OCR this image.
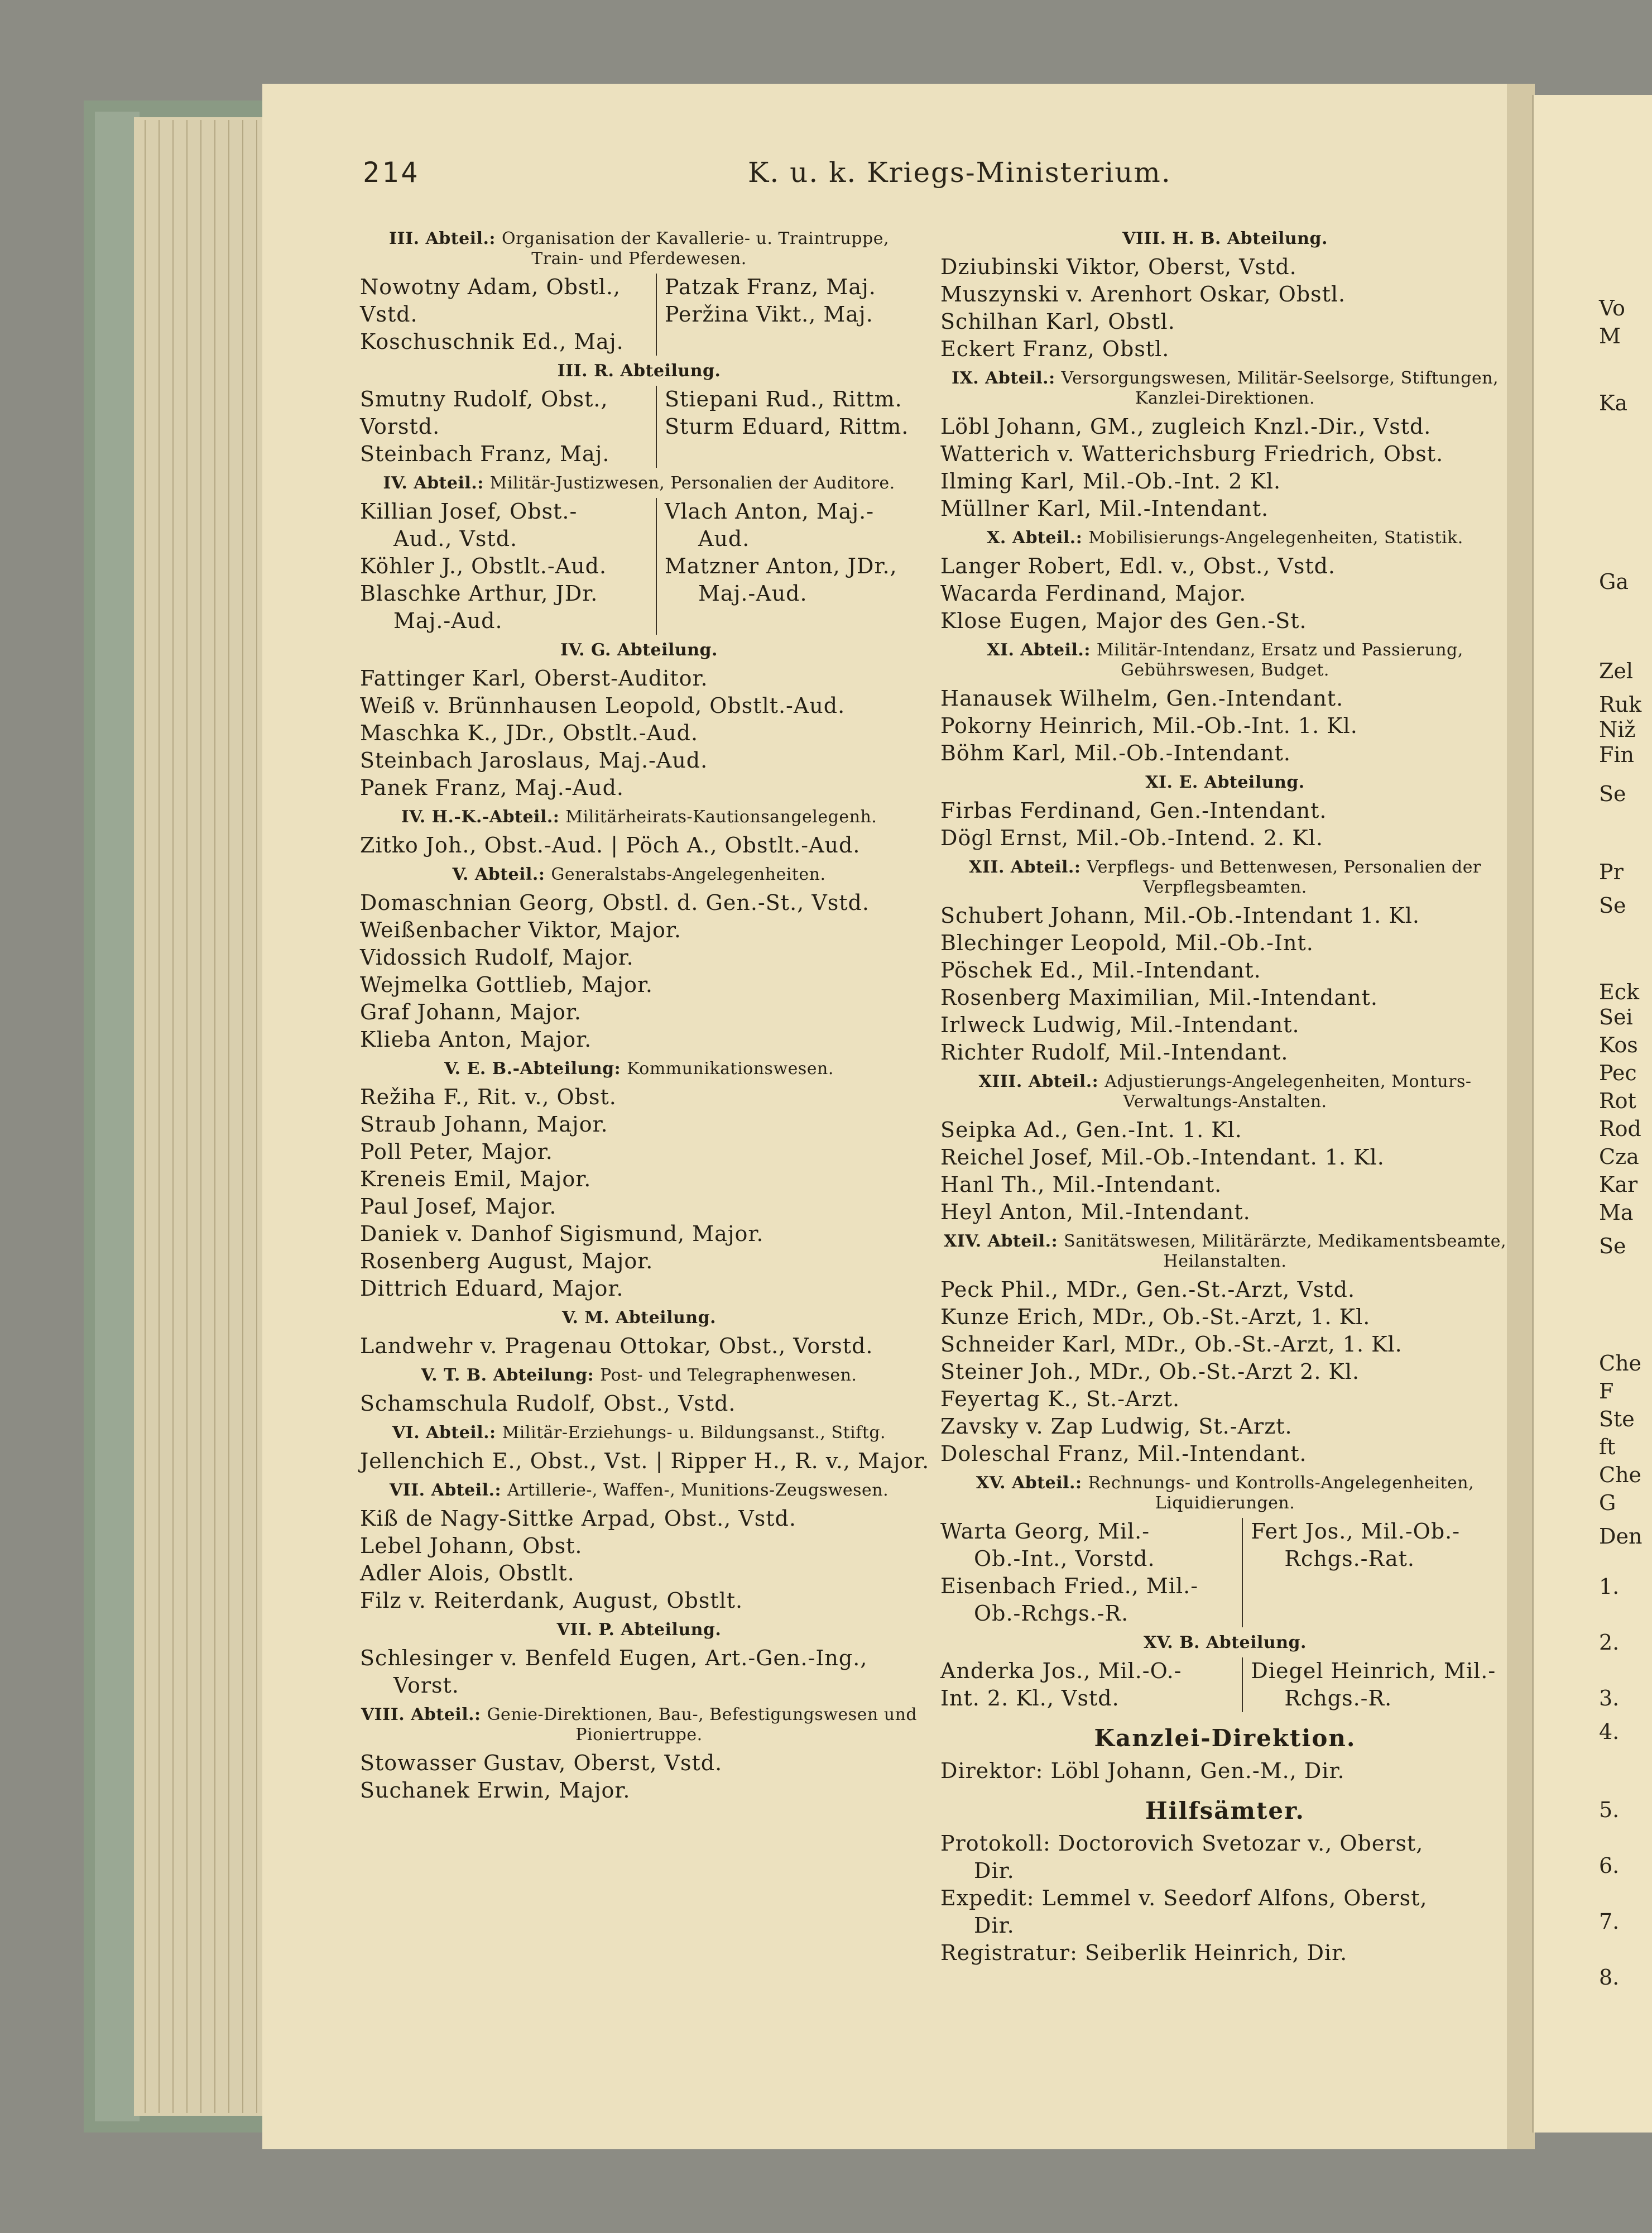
214	K. u. k. Kriegs-Ministerium.
III. Abteil.: Organisation der Kavallerie- u. Traintruppe, Train- und Pferdewesen.
Nowotny Adam, Obstl.,
Vstd.
Koschuschnik Ed., Maj.
Patzak Franz, Maj.
Peržina Vikt., Maj.
III. R. Abteilung.
Smutny Rudolf, Obst.,
Vorstd.
Steinbach Franz, Maj.
Stiepani Rud., Rittm.
Sturm Eduard, Rittm.
IV. Abteil.: Militär-Justizwesen, Personalien der Auditore.
Killian Josef, Obst.-
Aud., Vstd.
Köhler J., Obstlt.-Aud.
Blaschke Arthur, JDr.
Maj.-Aud.
Vlach Anton, Maj.-
Aud.
Matzner Anton, JDr.,
Maj.-Aud.
IV. G. Abteilung.
Fattinger Karl, Oberst-Auditor.
Weiß v. Brünnhausen Leopold, Obstlt.-Aud.
Maschka K., JDr., Obstlt.-Aud.
Steinbach Jaroslaus, Maj.-Aud.
Panek Franz, Maj.-Aud.
IV. H.-K.-Abteil.: Militärheirats-Kautionsangelegenh.
Zitko Joh., Obst.-Aud. | Pöch A., Obstlt.-Aud.
V. Abteil.: Generalstabs-Angelegenheiten.
Domaschnian Georg, Obstl. d. Gen.-St., Vstd.
Weißenbacher Viktor, Major.
Vidossich Rudolf, Major.
Wejmelka Gottlieb, Major.
Graf Johann, Major.
Klieba Anton, Major.
V. E. B.-Abteilung: Kommunikationswesen.
Režiha F., Rit. v., Obst.
Straub Johann, Major.
Poll Peter, Major.
Kreneis Emil, Major.
Paul Josef, Major.
Daniek v. Danhof Sigismund, Major.
Rosenberg August, Major.
Dittrich Eduard, Major.
V. M. Abteilung.
Landwehr v. Pragenau Ottokar, Obst., Vorstd.
V. T. B. Abteilung: Post- und Telegraphenwesen.
Schamschula Rudolf, Obst., Vstd.
VI. Abteil.: Militär-Erziehungs- u. Bildungsanst., Stiftg.
Jellenchich E., Obst., Vst. | Ripper H., R. v., Major.
VII. Abteil.: Artillerie-, Waffen-, Munitions-Zeugswesen.
Kiß de Nagy-Sittke Arpad, Obst., Vstd.
Lebel Johann, Obst.
Adler Alois, Obstlt.
Filz v. Reiterdank, August, Obstlt.
VII. P. Abteilung.
Schlesinger v. Benfeld Eugen, Art.-Gen.-Ing.,
Vorst.
VIII. Abteil.: Genie-Direktionen, Bau-, Befestigungswesen und Pioniertruppe.
Stowasser Gustav, Oberst, Vstd.
Suchanek Erwin, Major.
VIII. H. B. Abteilung.
Dziubinski Viktor, Oberst, Vstd.
Muszynski v. Arenhort Oskar, Obstl.
Schilhan Karl, Obstl.
Eckert Franz, Obstl.
IX. Abteil.: Versorgungswesen, Militär-Seelsorge, Stiftungen, Kanzlei-Direktionen.
Löbl Johann, GM., zugleich Knzl.-Dir., Vstd.
Watterich v. Watterichsburg Friedrich, Obst.
Ilming Karl, Mil.-Ob.-Int. 2 Kl.
Müllner Karl, Mil.-Intendant.
X. Abteil.: Mobilisierungs-Angelegenheiten, Statistik.
Langer Robert, Edl. v., Obst., Vstd.
Wacarda Ferdinand, Major.
Klose Eugen, Major des Gen.-St.
XI. Abteil.: Militär-Intendanz, Ersatz und Passierung, Gebührswesen, Budget.
Hanausek Wilhelm, Gen.-Intendant.
Pokorny Heinrich, Mil.-Ob.-Int. 1. Kl.
Böhm Karl, Mil.-Ob.-Intendant.
XI. E. Abteilung.
Firbas Ferdinand, Gen.-Intendant.
Dögl Ernst, Mil.-Ob.-Intend. 2. Kl.
XII. Abteil.: Verpflegs- und Bettenwesen, Personalien der Verpflegsbeamten.
Schubert Johann, Mil.-Ob.-Intendant 1. Kl.
Blechinger Leopold, Mil.-Ob.-Int.
Pöschek Ed., Mil.-Intendant.
Rosenberg Maximilian, Mil.-Intendant.
Irlweck Ludwig, Mil.-Intendant.
Richter Rudolf, Mil.-Intendant.
XIII. Abteil.: Adjustierungs-Angelegenheiten, Monturs-Verwaltungs-Anstalten.
Seipka Ad., Gen.-Int. 1. Kl.
Reichel Josef, Mil.-Ob.-Intendant. 1. Kl.
Hanl Th., Mil.-Intendant.
Heyl Anton, Mil.-Intendant.
XIV. Abteil.: Sanitätswesen, Militärärzte, Medikamentsbeamte, Heilanstalten.
Peck Phil., MDr., Gen.-St.-Arzt, Vstd.
Kunze Erich, MDr., Ob.-St.-Arzt, 1. Kl.
Schneider Karl, MDr., Ob.-St.-Arzt, 1. Kl.
Steiner Joh., MDr., Ob.-St.-Arzt 2. Kl.
Feyertag K., St.-Arzt.
Zavsky v. Zap Ludwig, St.-Arzt.
Doleschal Franz, Mil.-Intendant.
XV. Abteil.: Rechnungs- und Kontrolls-Angelegenheiten, Liquidierungen.
Warta Georg, Mil.-
Ob.-Int., Vorstd.
Eisenbach Fried., Mil.-
Ob.-Rchgs.-R.
Fert Jos., Mil.-Ob.-
Rchgs.-Rat.
XV. B. Abteilung.
Anderka Jos., Mil.-O.-
Int. 2. Kl., Vstd.
Diegel Heinrich, Mil.-
Rchgs.-R.
Kanzlei-Direktion.
Direktor: Löbl Johann, Gen.-M., Dir.
Hilfsämter.
Protokoll: Doctorovich Svetozar v., Oberst,
Dir.
Expedit: Lemmel v. Seedorf Alfons, Oberst,
Dir.
Registratur: Seiberlik Heinrich, Dir.
Vo
M
Ka
Ga
Zel
Ruk
Niž
Fin
Se
Pr
Se
Eck
Sei
Kos
Pec
Rot
Rod
Cza
Kar
Ma
Se
Che
F
Ste
ft
Che
G
Den
1.
2.
3.
4.
5.
6.
7.
8.
